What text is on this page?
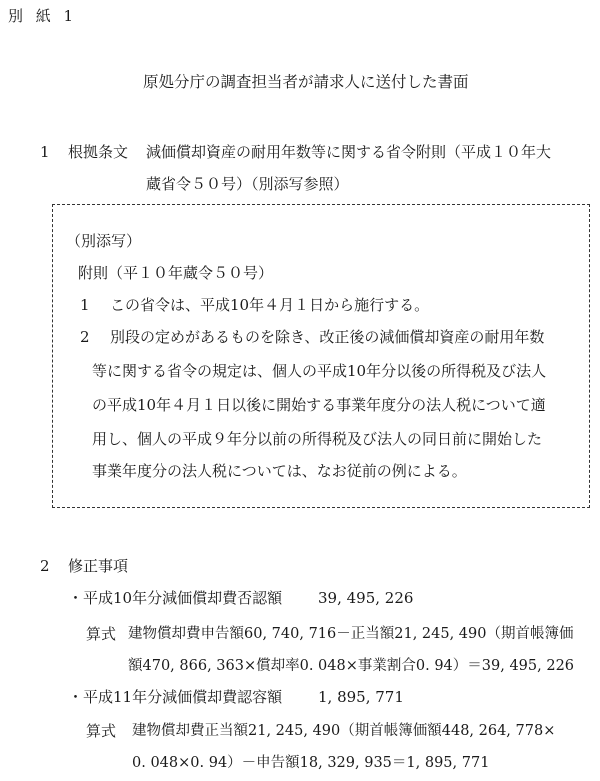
別 紙 1
原処分庁の調査担当者が請求人に送付した書面
1 根拠条文 減価償却資産の耐用年数等に関する省令附則（平成１０年大
蔵省令５０号）（別添写参照）
（別添写）
附則（平１０年蔵令５０号）
1 この省令は、平成10年４月１日から施行する。
2 別段の定めがあるものを除き、改正後の減価償却資産の耐用年数
等に関する省令の規定は、個人の平成10年分以後の所得税及び法人
の平成10年４月１日以後に開始する事業年度分の法人税について適
用し、個人の平成９年分以前の所得税及び法人の同日前に開始した
事業年度分の法人税については、なお従前の例による。
2 修正事項
・平成10年分減価償却費否認額 39, 495, 226
算式 建物償却費申告額60, 740, 716－正当額21, 245, 490（期首帳簿価
額470, 866, 363×償却率0. 048×事業割合0. 94）＝39, 495, 226
・平成11年分減価償却費認容額 1, 895, 771
算式 建物償却費正当額21, 245, 490（期首帳簿価額448, 264, 778×
0. 048×0. 94）－申告額18, 329, 935＝1, 895, 771
